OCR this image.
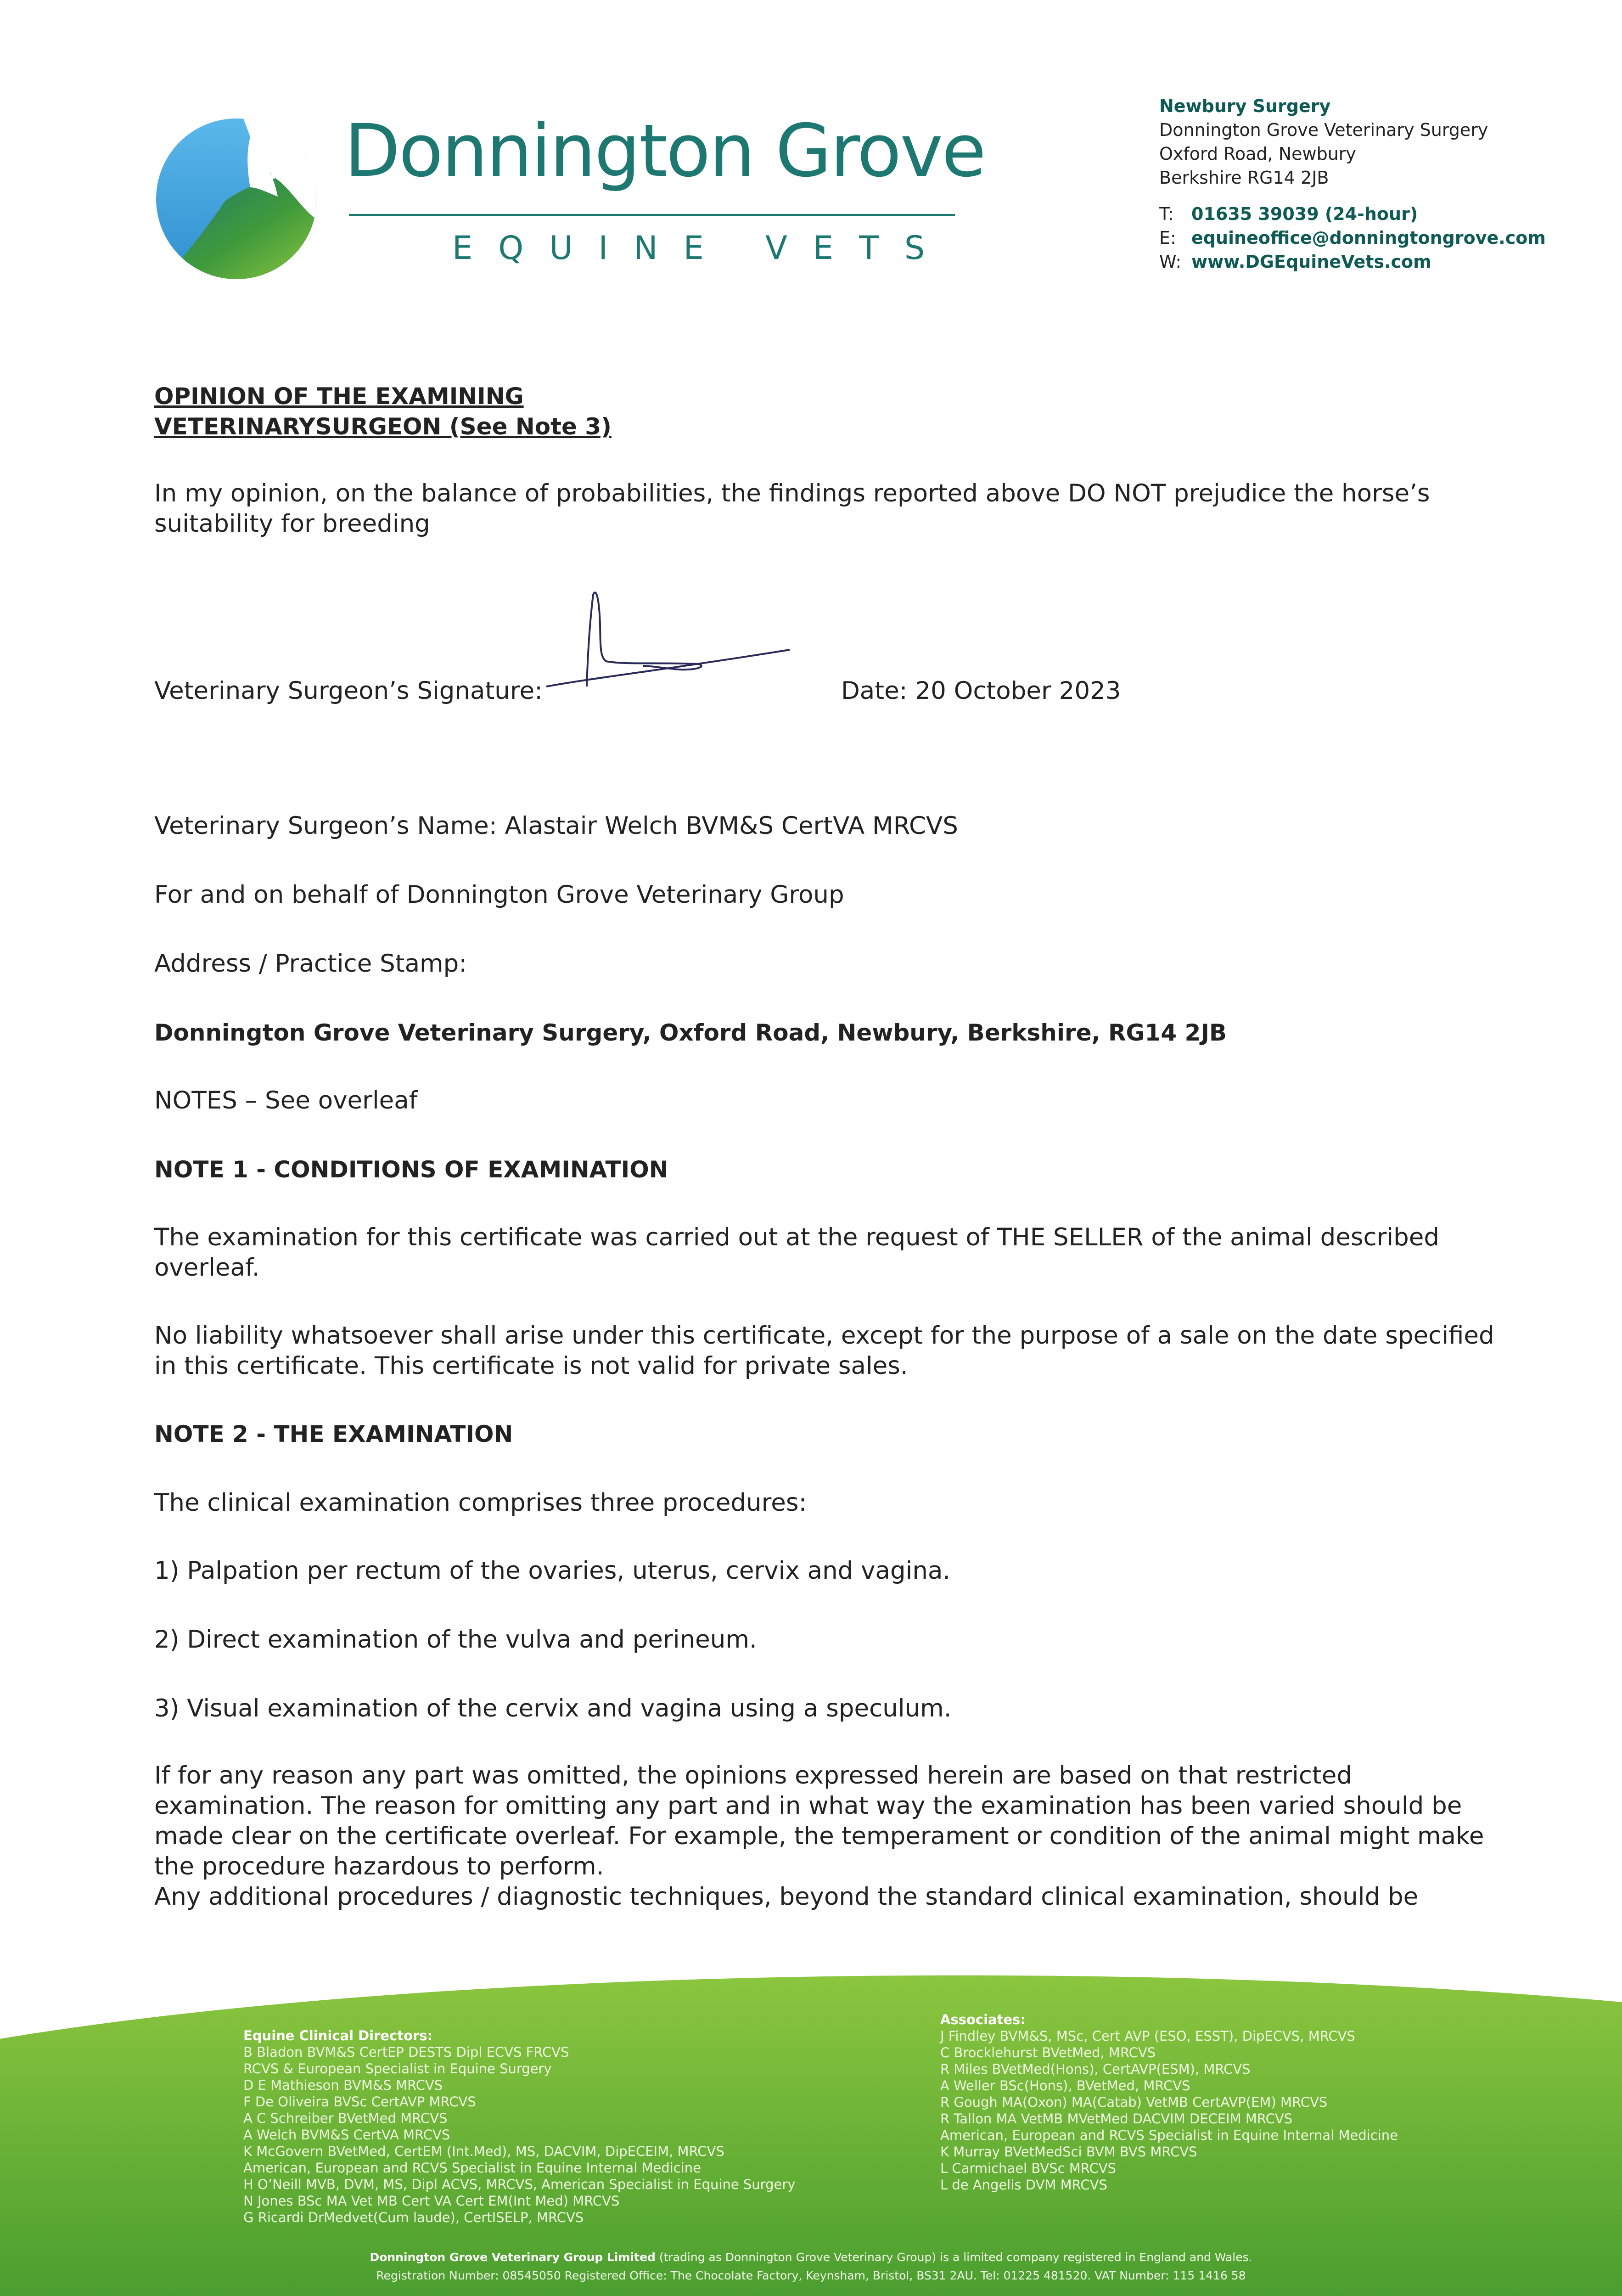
Donnington Grove
EQUINE VETS
Newbury Surgery
Donnington Grove Veterinary Surgery
Oxford Road, Newbury
Berkshire RG14 2JB
T: 01635 39039 (24-hour)
E: equineoffice@donningtongrove.com
W: www.DGEquineVets.com
OPINION OF THE EXAMINING
VETERINARYSURGEON (See Note 3)
In my opinion, on the balance of probabilities, the findings reported above DO NOT prejudice the horse’s
suitability for breeding
Veterinary Surgeon’s Signature:	Date: 20 October 2023
Veterinary Surgeon’s Name: Alastair Welch BVM&S CertVA MRCVS
For and on behalf of Donnington Grove Veterinary Group
Address / Practice Stamp:
Donnington Grove Veterinary Surgery, Oxford Road, Newbury, Berkshire, RG14 2JB
NOTES – See overleaf
NOTE 1 - CONDITIONS OF EXAMINATION
The examination for this certificate was carried out at the request of THE SELLER of the animal described
overleaf.
No liability whatsoever shall arise under this certificate, except for the purpose of a sale on the date specified
in this certificate. This certificate is not valid for private sales.
NOTE 2 - THE EXAMINATION
The clinical examination comprises three procedures:
1) Palpation per rectum of the ovaries, uterus, cervix and vagina.
2) Direct examination of the vulva and perineum.
3) Visual examination of the cervix and vagina using a speculum.
If for any reason any part was omitted, the opinions expressed herein are based on that restricted
examination. The reason for omitting any part and in what way the examination has been varied should be
made clear on the certificate overleaf. For example, the temperament or condition of the animal might make
the procedure hazardous to perform.
Any additional procedures / diagnostic techniques, beyond the standard clinical examination, should be
Equine Clinical Directors:
B Bladon BVM&S CertEP DESTS Dipl ECVS FRCVS
RCVS & European Specialist in Equine Surgery
D E Mathieson BVM&S MRCVS
F De Oliveira BVSc CertAVP MRCVS
A C Schreiber BVetMed MRCVS
A Welch BVM&S CertVA MRCVS
K McGovern BVetMed, CertEM (Int.Med), MS, DACVIM, DipECEIM, MRCVS
American, European and RCVS Specialist in Equine Internal Medicine
H O’Neill MVB, DVM, MS, Dipl ACVS, MRCVS, American Specialist in Equine Surgery
N Jones BSc MA Vet MB Cert VA Cert EM(Int Med) MRCVS
G Ricardi DrMedvet(Cum laude), CertISELP, MRCVS
Associates:
J Findley BVM&S, MSc, Cert AVP (ESO, ESST), DipECVS, MRCVS
C Brocklehurst BVetMed, MRCVS
R Miles BVetMed(Hons), CertAVP(ESM), MRCVS
A Weller BSc(Hons), BVetMed, MRCVS
R Gough MA(Oxon) MA(Catab) VetMB CertAVP(EM) MRCVS
R Tallon MA VetMB MVetMed DACVIM DECEIM MRCVS
American, European and RCVS Specialist in Equine Internal Medicine
K Murray BVetMedSci BVM BVS MRCVS
L Carmichael BVSc MRCVS
L de Angelis DVM MRCVS
Donnington Grove Veterinary Group Limited (trading as Donnington Grove Veterinary Group) is a limited company registered in England and Wales.
Registration Number: 08545050 Registered Office: The Chocolate Factory, Keynsham, Bristol, BS31 2AU. Tel: 01225 481520. VAT Number: 115 1416 58
